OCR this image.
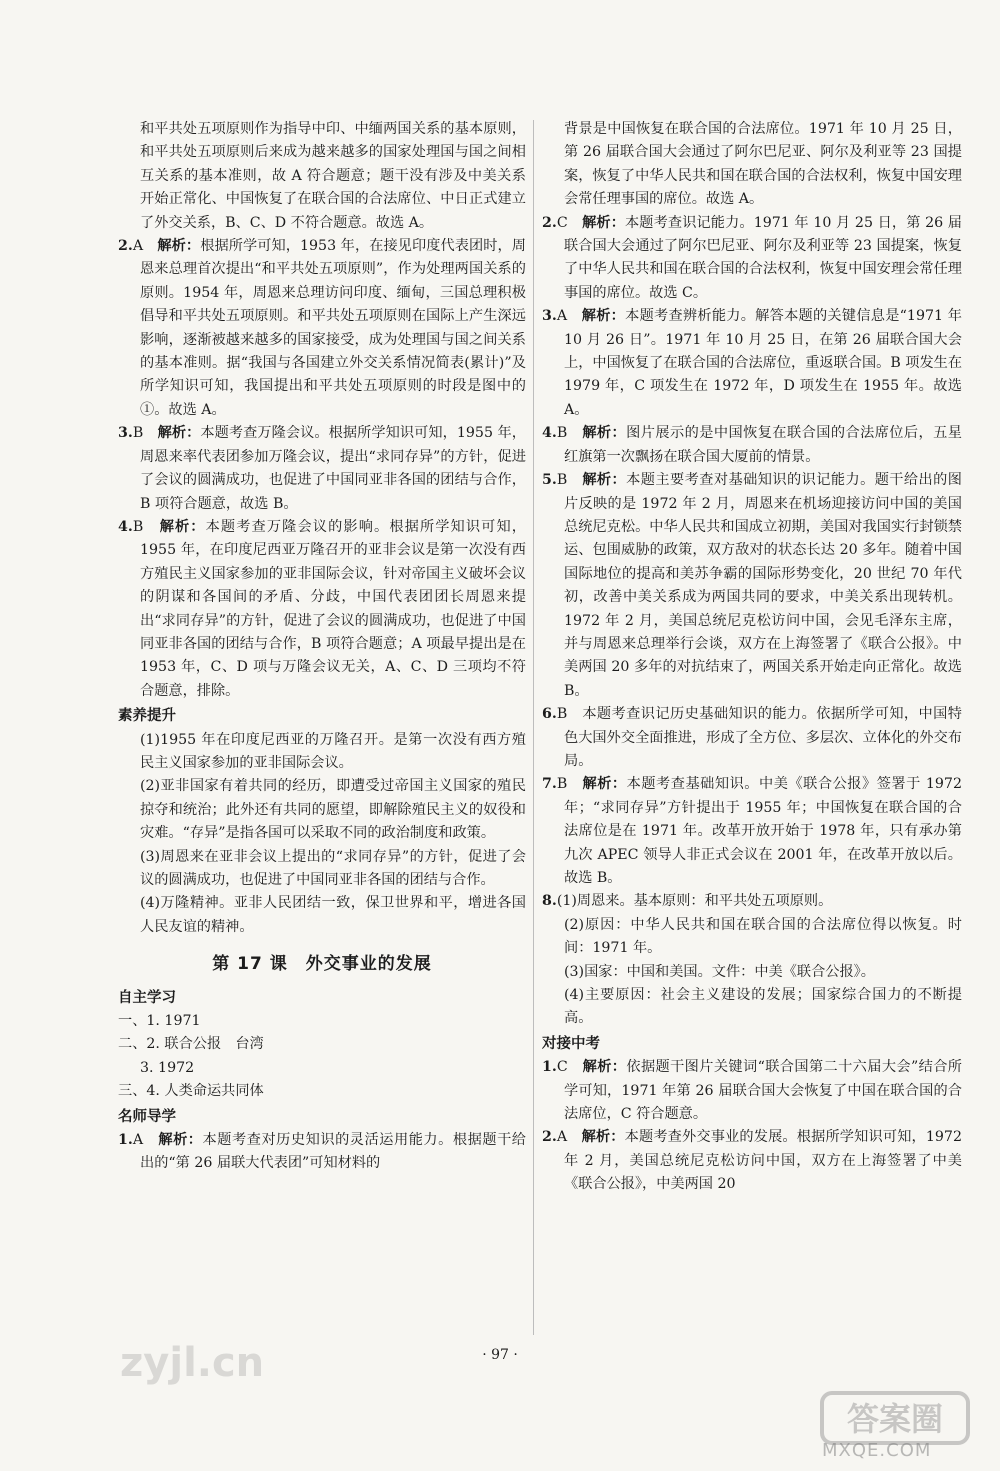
和平共处五项原则作为指导中印、中缅两国关系的基本原则，和平共处五项原则后来成为越来越多的国家处理国与国之间相互关系的基本准则，故 A 符合题意；题干没有涉及中美关系开始正常化、中国恢复了在联合国的合法席位、中日正式建立了外交关系，B、C、D 不符合题意。故选 A。

2.A　 解析：根据所学可知，1953 年，在接见印度代表团时，周恩来总理首次提出“和平共处五项原则”，作为处理两国关系的原则。1954 年，周恩来总理访问印度、缅甸，三国总理积极倡导和平共处五项原则。和平共处五项原则在国际上产生深远影响，逐渐被越来越多的国家接受，成为处理国与国之间关系的基本准则。据“我国与各国建立外交关系情况简表(累计)”及所学知识可知，我国提出和平共处五项原则的时段是图中的①。故选 A。

3.B　 解析：本题考查万隆会议。根据所学知识可知，1955 年，周恩来率代表团参加万隆会议，提出“求同存异”的方针，促进了会议的圆满成功，也促进了中国同亚非各国的团结与合作，B 项符合题意，故选 B。

4.B　 解析：本题考查万隆会议的影响。根据所学知识可知，1955 年，在印度尼西亚万隆召开的亚非会议是第一次没有西方殖民主义国家参加的亚非国际会议，针对帝国主义破坏会议的阴谋和各国间的矛盾、分歧，中国代表团团长周恩来提出“求同存异”的方针，促进了会议的圆满成功，也促进了中国同亚非各国的团结与合作，B 项符合题意；A 项最早提出是在 1953 年，C、D 项与万隆会议无关，A、C、D 三项均不符合题意，排除。

素养提升

(1)1955 年在印度尼西亚的万隆召开。是第一次没有西方殖民主义国家参加的亚非国际会议。

(2)亚非国家有着共同的经历，即遭受过帝国主义国家的殖民掠夺和统治；此外还有共同的愿望，即解除殖民主义的奴役和灾难。“存异”是指各国可以采取不同的政治制度和政策。

(3)周恩来在亚非会议上提出的“求同存异”的方针，促进了会议的圆满成功，也促进了中国同亚非各国的团结与合作。

(4)万隆精神。亚非人民团结一致，保卫世界和平，增进各国人民友谊的精神。

第 17 课　外交事业的发展

自主学习

一、1. 1971

二、2. 联合公报　台湾

3. 1972

三、4. 人类命运共同体

名师导学

1.A　 解析：本题考查对历史知识的灵活运用能力。根据题干给出的“第 26 届联大代表团”可知材料的

背景是中国恢复在联合国的合法席位。1971 年 10 月 25 日，第 26 届联合国大会通过了阿尔巴尼亚、阿尔及利亚等 23 国提案，恢复了中华人民共和国在联合国的合法权利，恢复中国安理会常任理事国的席位。故选 A。

2.C　 解析：本题考查识记能力。1971 年 10 月 25 日，第 26 届联合国大会通过了阿尔巴尼亚、阿尔及利亚等 23 国提案，恢复了中华人民共和国在联合国的合法权利，恢复中国安理会常任理事国的席位。故选 C。

3.A　 解析：本题考查辨析能力。解答本题的关键信息是“1971 年 10 月 26 日”。1971 年 10 月 25 日，在第 26 届联合国大会上，中国恢复了在联合国的合法席位，重返联合国。B 项发生在 1979 年，C 项发生在 1972 年，D 项发生在 1955 年。故选 A。

4.B　 解析：图片展示的是中国恢复在联合国的合法席位后，五星红旗第一次飘扬在联合国大厦前的情景。

5.B　 解析：本题主要考查对基础知识的识记能力。题干给出的图片反映的是 1972 年 2 月，周恩来在机场迎接访问中国的美国总统尼克松。中华人民共和国成立初期，美国对我国实行封锁禁运、包围威胁的政策，双方敌对的状态长达 20 多年。随着中国国际地位的提高和美苏争霸的国际形势变化，20 世纪 70 年代初，改善中美关系成为两国共同的要求，中美关系出现转机。1972 年 2 月，美国总统尼克松访问中国，会见毛泽东主席，并与周恩来总理举行会谈，双方在上海签署了《联合公报》。中美两国 20 多年的对抗结束了，两国关系开始走向正常化。故选 B。

6.B　 本题考查识记历史基础知识的能力。依据所学可知，中国特色大国外交全面推进，形成了全方位、多层次、立体化的外交布局。

7.B　 解析：本题考查基础知识。中美《联合公报》签署于 1972 年；“求同存异”方针提出于 1955 年；中国恢复在联合国的合法席位是在 1971 年。改革开放开始于 1978 年，只有承办第九次 APEC 领导人非正式会议在 2001 年，在改革开放以后。故选 B。

8.(1)周恩来。基本原则：和平共处五项原则。

(2)原因：中华人民共和国在联合国的合法席位得以恢复。时间：1971 年。

(3)国家：中国和美国。文件：中美《联合公报》。

(4)主要原因：社会主义建设的发展；国家综合国力的不断提高。

对接中考

1.C　 解析：依据题干图片关键词“联合国第二十六届大会”结合所学可知，1971 年第 26 届联合国大会恢复了中国在联合国的合法席位，C 符合题意。

2.A　 解析：本题考查外交事业的发展。根据所学知识可知，1972 年 2 月，美国总统尼克松访问中国，双方在上海签署了中美《联合公报》，中美两国 20

· 97 ·
zyjl.cn
答案圈
MXQE.COM
